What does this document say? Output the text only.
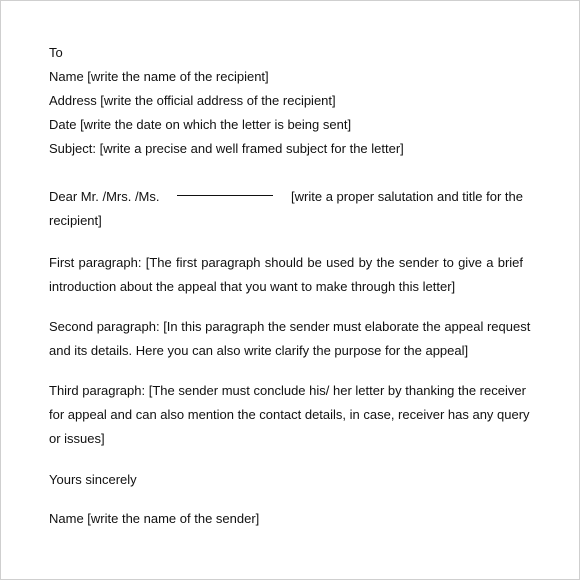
To
Name [write the name of the recipient]
Address [write the official address of the recipient]
Date [write the date on which the letter is being sent]
Subject: [write a precise and well framed subject for the letter]
Dear Mr. /Mrs. /Ms.	[write a proper salutation and title for the
recipient]
First paragraph: [The first paragraph should be used by the sender to give a brief
introduction about the appeal that you want to make through this letter]
Second paragraph: [In this paragraph the sender must elaborate the appeal request
and its details. Here you can also write clarify the purpose for the appeal]
Third paragraph: [The sender must conclude his/ her letter by thanking the receiver
for appeal and can also mention the contact details, in case, receiver has any query
or issues]
Yours sincerely
Name [write the name of the sender]
